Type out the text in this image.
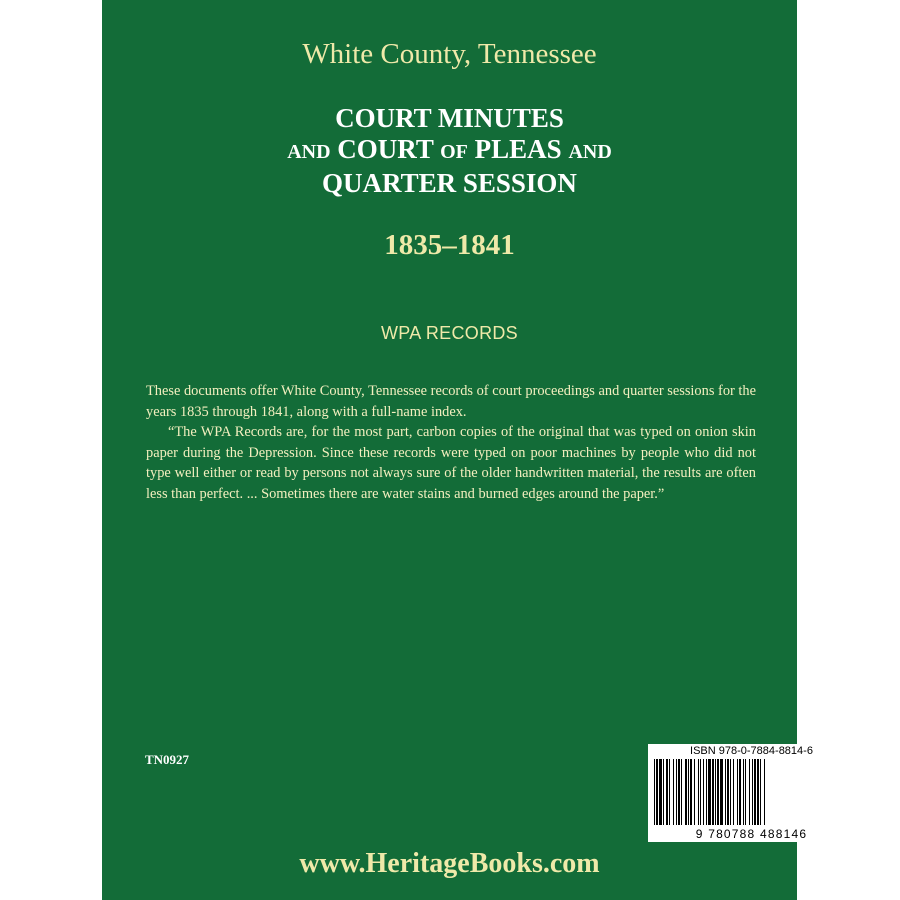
White County, Tennessee
COURT MINUTES
AND COURT OF PLEAS AND
QUARTER SESSION
1835–1841
WPA RECORDS

These documents offer White County, Tennessee records of court proceedings and quarter sessions for the years 1835 through 1841, along with a full-name index.

“The WPA Records are, for the most part, carbon copies of the original that was typed on onion skin paper during the Depression. Since these records were typed on poor machines by people who did not type well either or read by persons not always sure of the older handwritten material, the results are often less than perfect. ... Sometimes there are water stains and burned edges around the paper.”

TN0927
ISBN 978-0-7884-8814-6
9 780788 488146
www.HeritageBooks.com
